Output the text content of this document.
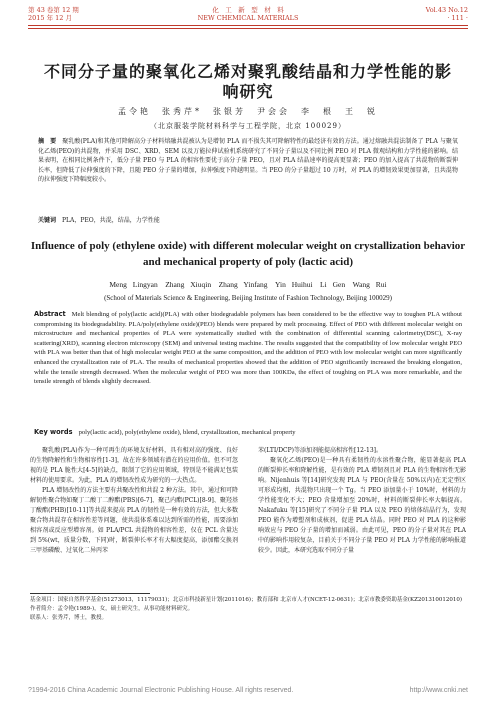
第 43 卷第 12 期
2015 年 12 月
化　工　新　型　材　料
NEW CHEMICAL MATERIALS
Vol.43 No.12
· 111 ·
不同分子量的聚氧化乙烯对聚乳酸结晶和力学性能的影响研究
孟令艳　张秀芹*　张银芳　尹会会　李　根　王　锐
（北京服装学院材料科学与工程学院，北京 100029）
摘　要 聚乳酸(PLA)和其他可降解高分子材料熔融共混被认为是增韧 PLA 而不损失其可降解特性的最经济有效的方法。通过熔融共混法制备了 PLA 与聚氧化乙烯(PEO)的共混物，并采用 DSC、XRD、SEM 以及万能拉伸试验机系统研究了不同分子量以及不同比例 PEO 对 PLA 微观结构和力学性能的影响。结果表明，在相同比例条件下，低分子量 PEO 与 PLA 的相容性要优于高分子量 PEO，且对 PLA 结晶速率的提高更显著；PEO 的加入提高了共混物的断裂伸长率，但降低了拉伸强度的下降，且随 PEO 分子量的增加，拉伸强度下降越明显。当 PEO 的分子量超过 10 万时，对 PLA 的增韧效果更加显著，且共混物的拉伸强度下降幅度较小。
关键词 PLA，PEO，共混，结晶，力学性能
Influence of poly (ethylene oxide) with different molecular weight on crystallization behavior and mechanical property of poly (lactic acid)
Meng Lingyan　Zhang Xiuqin　Zhang Yinfang　Yin Huihui　Li Gen　Wang Rui
(School of Materials Science & Engineering, Beijing Institute of Fashion Technology, Beijing 100029)
Abstract Melt blending of poly(lactic acid)(PLA) with other biodegradable polymers has been considered to be the effective way to toughen PLA without compromising its biodegradability. PLA/poly(ethylene oxide)(PEO) blends were prepared by melt processing. Effect of PEO with different molecular weight on microstructure and mechanical properties of PLA were systematically studied with the combination of differential scanning calorimetry(DSC), X-ray scattering(XRD), scanning electron microscopy (SEM) and universal testing machine. The results suggested that the compatibility of low molecular weight PEO with PLA was better than that of high molecular weight PEO at the same composition, and the addition of PEO with low molecular weight can more significantly enhanced the crystallization rate of PLA. The results of mechanical properties showed that the addition of PEO significantly increased the breaking elongation, while the tensile strength decreased. When the molecular weight of PEO was more than 100KDa, the effect of toughing on PLA was more remarkable, and the tensile strength of blends slightly decreased.
Key words poly(lactic acid), poly(ethylene oxide), blend, crystallization, mechanical property

聚乳酸(PLA)作为一种可再生的环境友好材料，具有相对高的强度、良好的生物降解性和生物相容性[1-3]，故在许多领域有潜在的应用价值。但不可忽视的是 PLA 脆性大[4-5]的缺点，限制了它的应用领域，特别是不能满足包装材料的使用要求。为此，PLA 的增韧改性成为研究的一大热点。

PLA 增韧改性的方法主要有共聚改性和共混 2 种方法。其中，通过和可降解韧性聚合物如聚丁二酸丁二醇酯(PBS)[6-7]、聚己内酯(PCL)[8-9]、聚羟基丁酸酯(PHB)[10-11]等共混来提高 PLA 的韧性是一种有效的方法，但大多数聚合物共混存在相容性差等问题，使共混体系难以达到所需的性能，需要添加相容剂或反应型增容剂。如 PLA/PCL 共混物的相容性差，仅在 PCL 含量达到 5%(wt，质量分数，下同)时，断裂伸长率才有大幅度提高，添加酯交换剂三甲基磷酸、过氧化二异丙苯

苯(LTI/DCP)等添加剂能提高相容性[12-13]。

聚氧化乙烯(PEO)是一种具有柔韧性的水溶性聚合物，能显著提高 PLA 的断裂伸长率和降解性能，是有效的 PLA 增韧剂且对 PLA 的生物相容性无影响。Nijenhuis 等[14]研究发现 PLA 与 PEO(含量在 50%以内)在无定型区可形成均相，共混物只出现一个 Tg。当 PEO 添加量小于 10%时，材料的力学性能变化不大；PEO 含量增加至 20%时，材料的断裂伸长率大幅提高。Nakafuku 等[15]研究了不同分子量 PLA 以及 PEO 的熔体结晶行为，发现 PEO 能作为增塑剂和成核剂，促进 PLA 结晶。同时 PEO 对 PLA 的这种影响效应与 PEO 分子量的增加而减弱。由此可见，PEO 的分子量对其在 PLA 中的影响作用较复杂，目前关于不同分子量 PEO 对 PLA 力学性能的影响报道较少。因此，本研究选取不同分子量

基金项目：国家自然科学基金(51273013，11179031)；北京市科技新星计划(2011016)；教育部和 北京市人才(NCET-12-0631)；北京市教委资助基金(KZ201310012010)
作者简介：孟令艳(1989-)，女，硕士研究生，从事功能材料研究。
联系人：张秀芹，博士，教授。
?1994-2016 China Academic Journal Electronic Publishing House. All rights reserved.	http://www.cnki.net
